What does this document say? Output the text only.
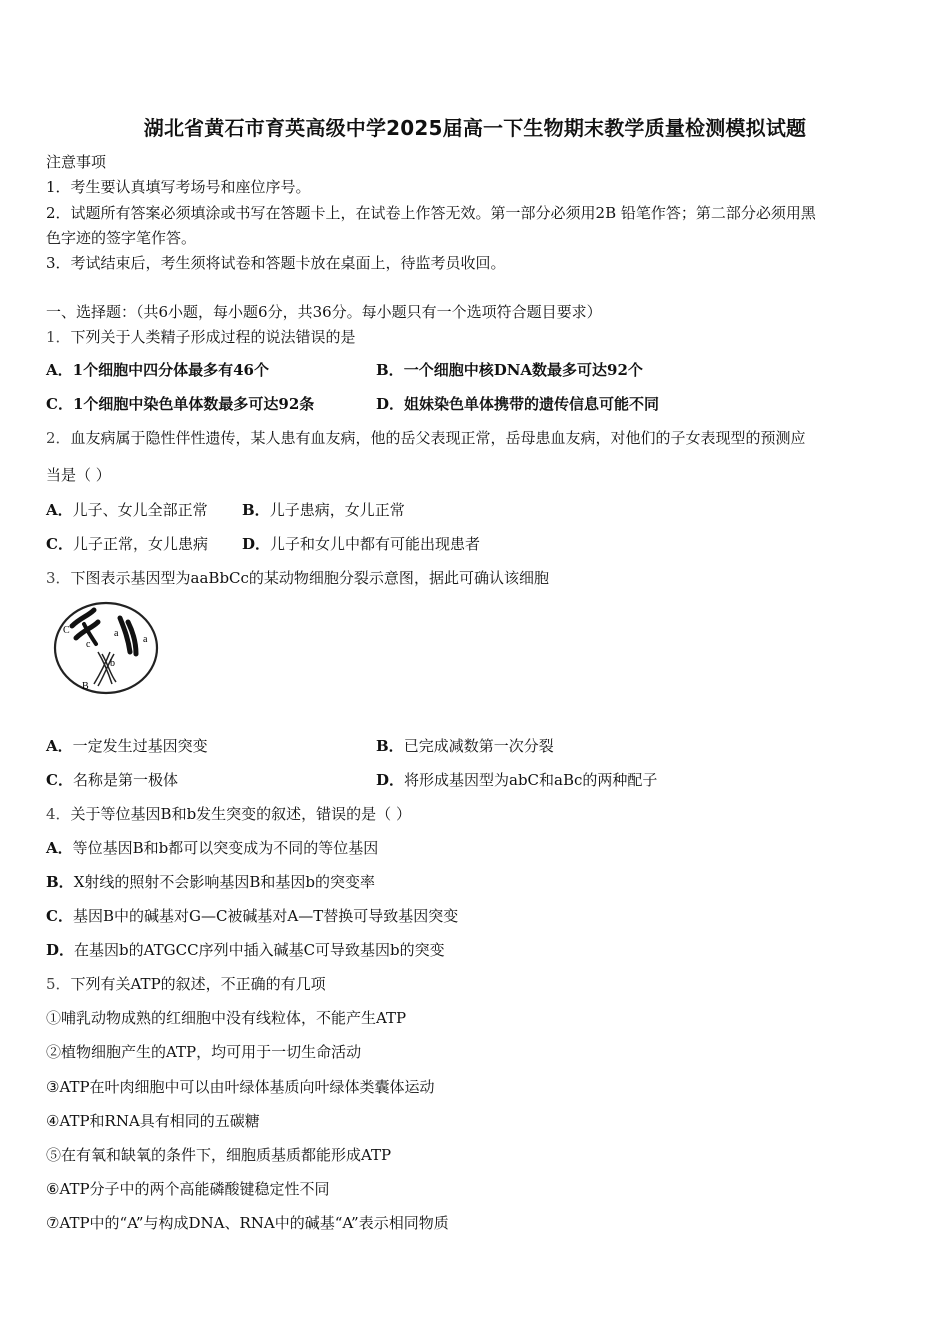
湖北省黄石市育英高级中学2025届高一下生物期末教学质量检测模拟试题
注意事项
1．考生要认真填写考场号和座位序号。
2．试题所有答案必须填涂或书写在答题卡上，在试卷上作答无效。第一部分必须用2B 铅笔作答；第二部分必须用黑
色字迹的签字笔作答。
3．考试结束后，考生须将试卷和答题卡放在桌面上，待监考员收回。
一、选择题：（共6小题，每小题6分，共36分。每小题只有一个选项符合题目要求）
1．下列关于人类精子形成过程的说法错误的是
A．1个细胞中四分体最多有46个	B．一个细胞中核DNA数最多可达92个
C．1个细胞中染色单体数最多可达92条	D．姐妹染色单体携带的遗传信息可能不同
2．血友病属于隐性伴性遗传，某人患有血友病，他的岳父表现正常，岳母患血友病，对他们的子女表现型的预测应
当是（ ）
A．儿子、女儿全部正常 B．儿子患病，女儿正常
C．儿子正常，女儿患病 D．儿子和女儿中都有可能出现患者
3．下图表示基因型为aaBbCc的某动物细胞分裂示意图，据此可确认该细胞
C
c
a
a
b
B
A．一定发生过基因突变	B．已完成减数第一次分裂
C．名称是第一极体	D．将形成基因型为abC和aBc的两种配子
4．关于等位基因B和b发生突变的叙述，错误的是（ ）
A．等位基因B和b都可以突变成为不同的等位基因
B．X射线的照射不会影响基因B和基因b的突变率
C．基因B中的碱基对G—C被碱基对A—T替换可导致基因突变
D．在基因b的ATGCC序列中插入碱基C可导致基因b的突变
5．下列有关ATP的叙述，不正确的有几项
①哺乳动物成熟的红细胞中没有线粒体，不能产生ATP
②植物细胞产生的ATP，均可用于一切生命活动
③ATP在叶肉细胞中可以由叶绿体基质向叶绿体类囊体运动
④ATP和RNA具有相同的五碳糖
⑤在有氧和缺氧的条件下，细胞质基质都能形成ATP
⑥ATP分子中的两个高能磷酸键稳定性不同
⑦ATP中的“A”与构成DNA、RNA中的碱基“A”表示相同物质
